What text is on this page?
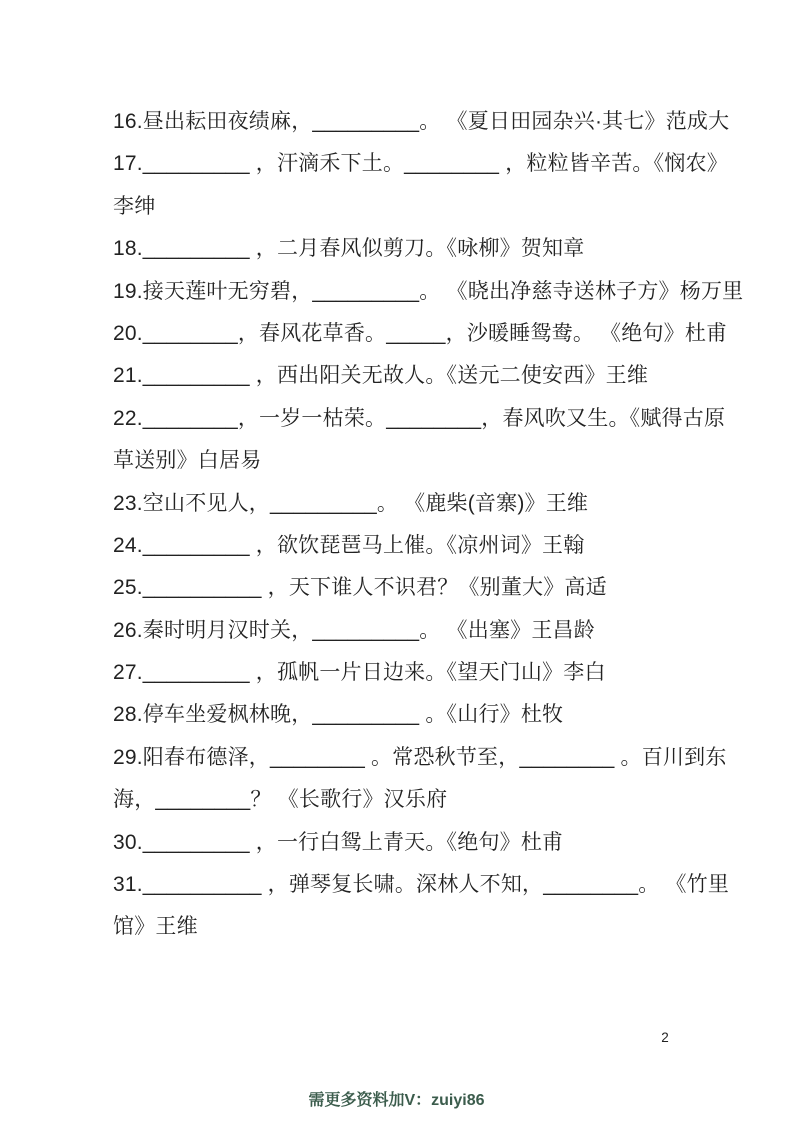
16.昼出耘田夜绩麻，_________。 《夏日田园杂兴·其七》范成大

17._________ ，汗滴禾下土。________ ，粒粒皆辛苦。《悯农》
李绅

18._________ ，二月春风似剪刀。《咏柳》贺知章

19.接天莲叶无穷碧，_________。 《晓出净慈寺送林子方》杨万里

20.________，春风花草香。_____，沙暖睡鸳鸯。 《绝句》杜甫

21._________ ，西出阳关无故人。《送元二使安西》王维

22.________，一岁一枯荣。________，春风吹又生。《赋得古原
草送别》白居易

23.空山不见人，_________。 《鹿柴(音寨)》王维

24._________ ，欲饮琵琶马上催。《凉州词》王翰

25.__________ ，天下谁人不识君？《别董大》高适

26.秦时明月汉时关，_________。 《出塞》王昌龄

27._________ ，孤帆一片日边来。《望天门山》李白

28.停车坐爱枫林晚，_________ 。《山行》杜牧

29.阳春布德泽，________ 。常恐秋节至，________ 。百川到东
海，________？ 《长歌行》汉乐府

30._________ ，一行白鸳上青天。《绝句》杜甫

31.__________ ，弹琴复长啸。深林人不知，________。 《竹里
馆》王维

2
需更多资料加V：zuiyi86
